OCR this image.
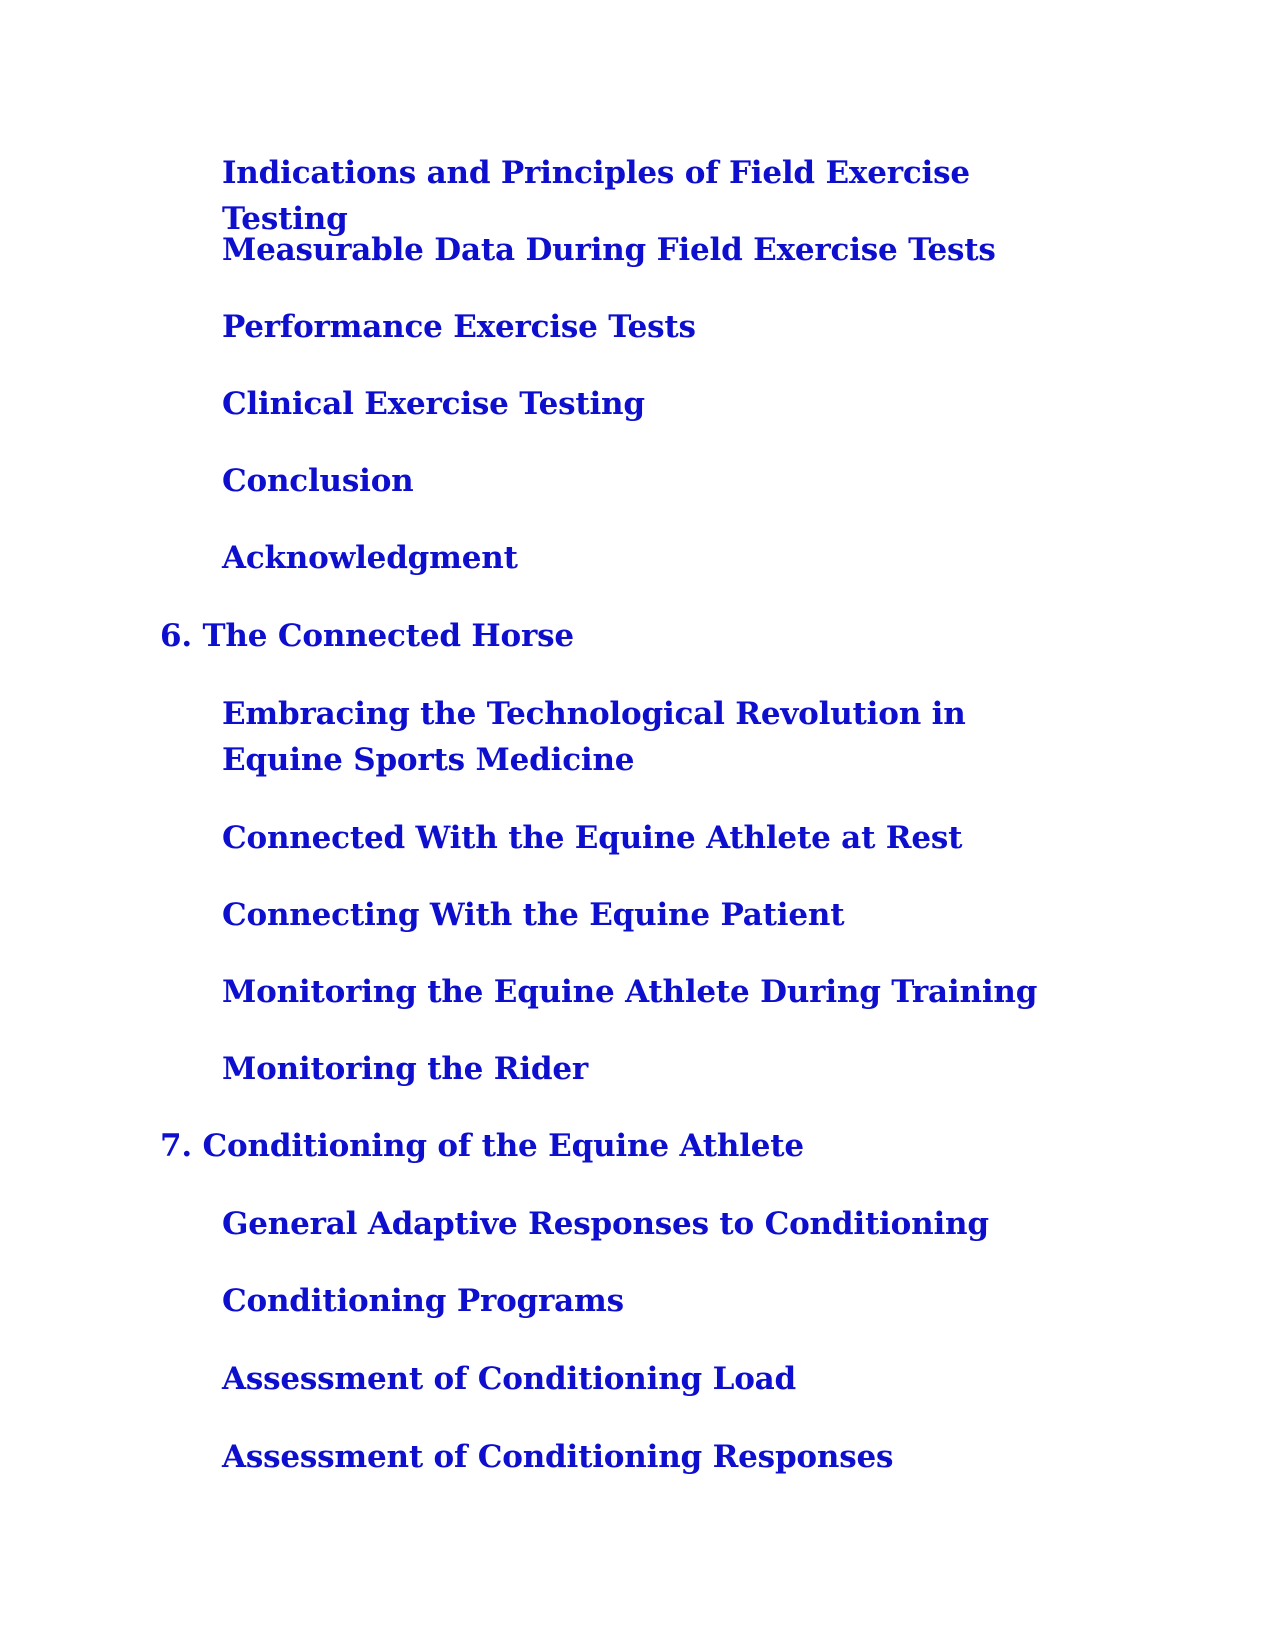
Indications and Principles of Field Exercise Testing
Measurable Data During Field Exercise Tests
Performance Exercise Tests
Clinical Exercise Testing
Conclusion
Acknowledgment
6. The Connected Horse
Embracing the Technological Revolution in Equine Sports Medicine
Connected With the Equine Athlete at Rest
Connecting With the Equine Patient
Monitoring the Equine Athlete During Training
Monitoring the Rider
7. Conditioning of the Equine Athlete
General Adaptive Responses to Conditioning
Conditioning Programs
Assessment of Conditioning Load
Assessment of Conditioning Responses
